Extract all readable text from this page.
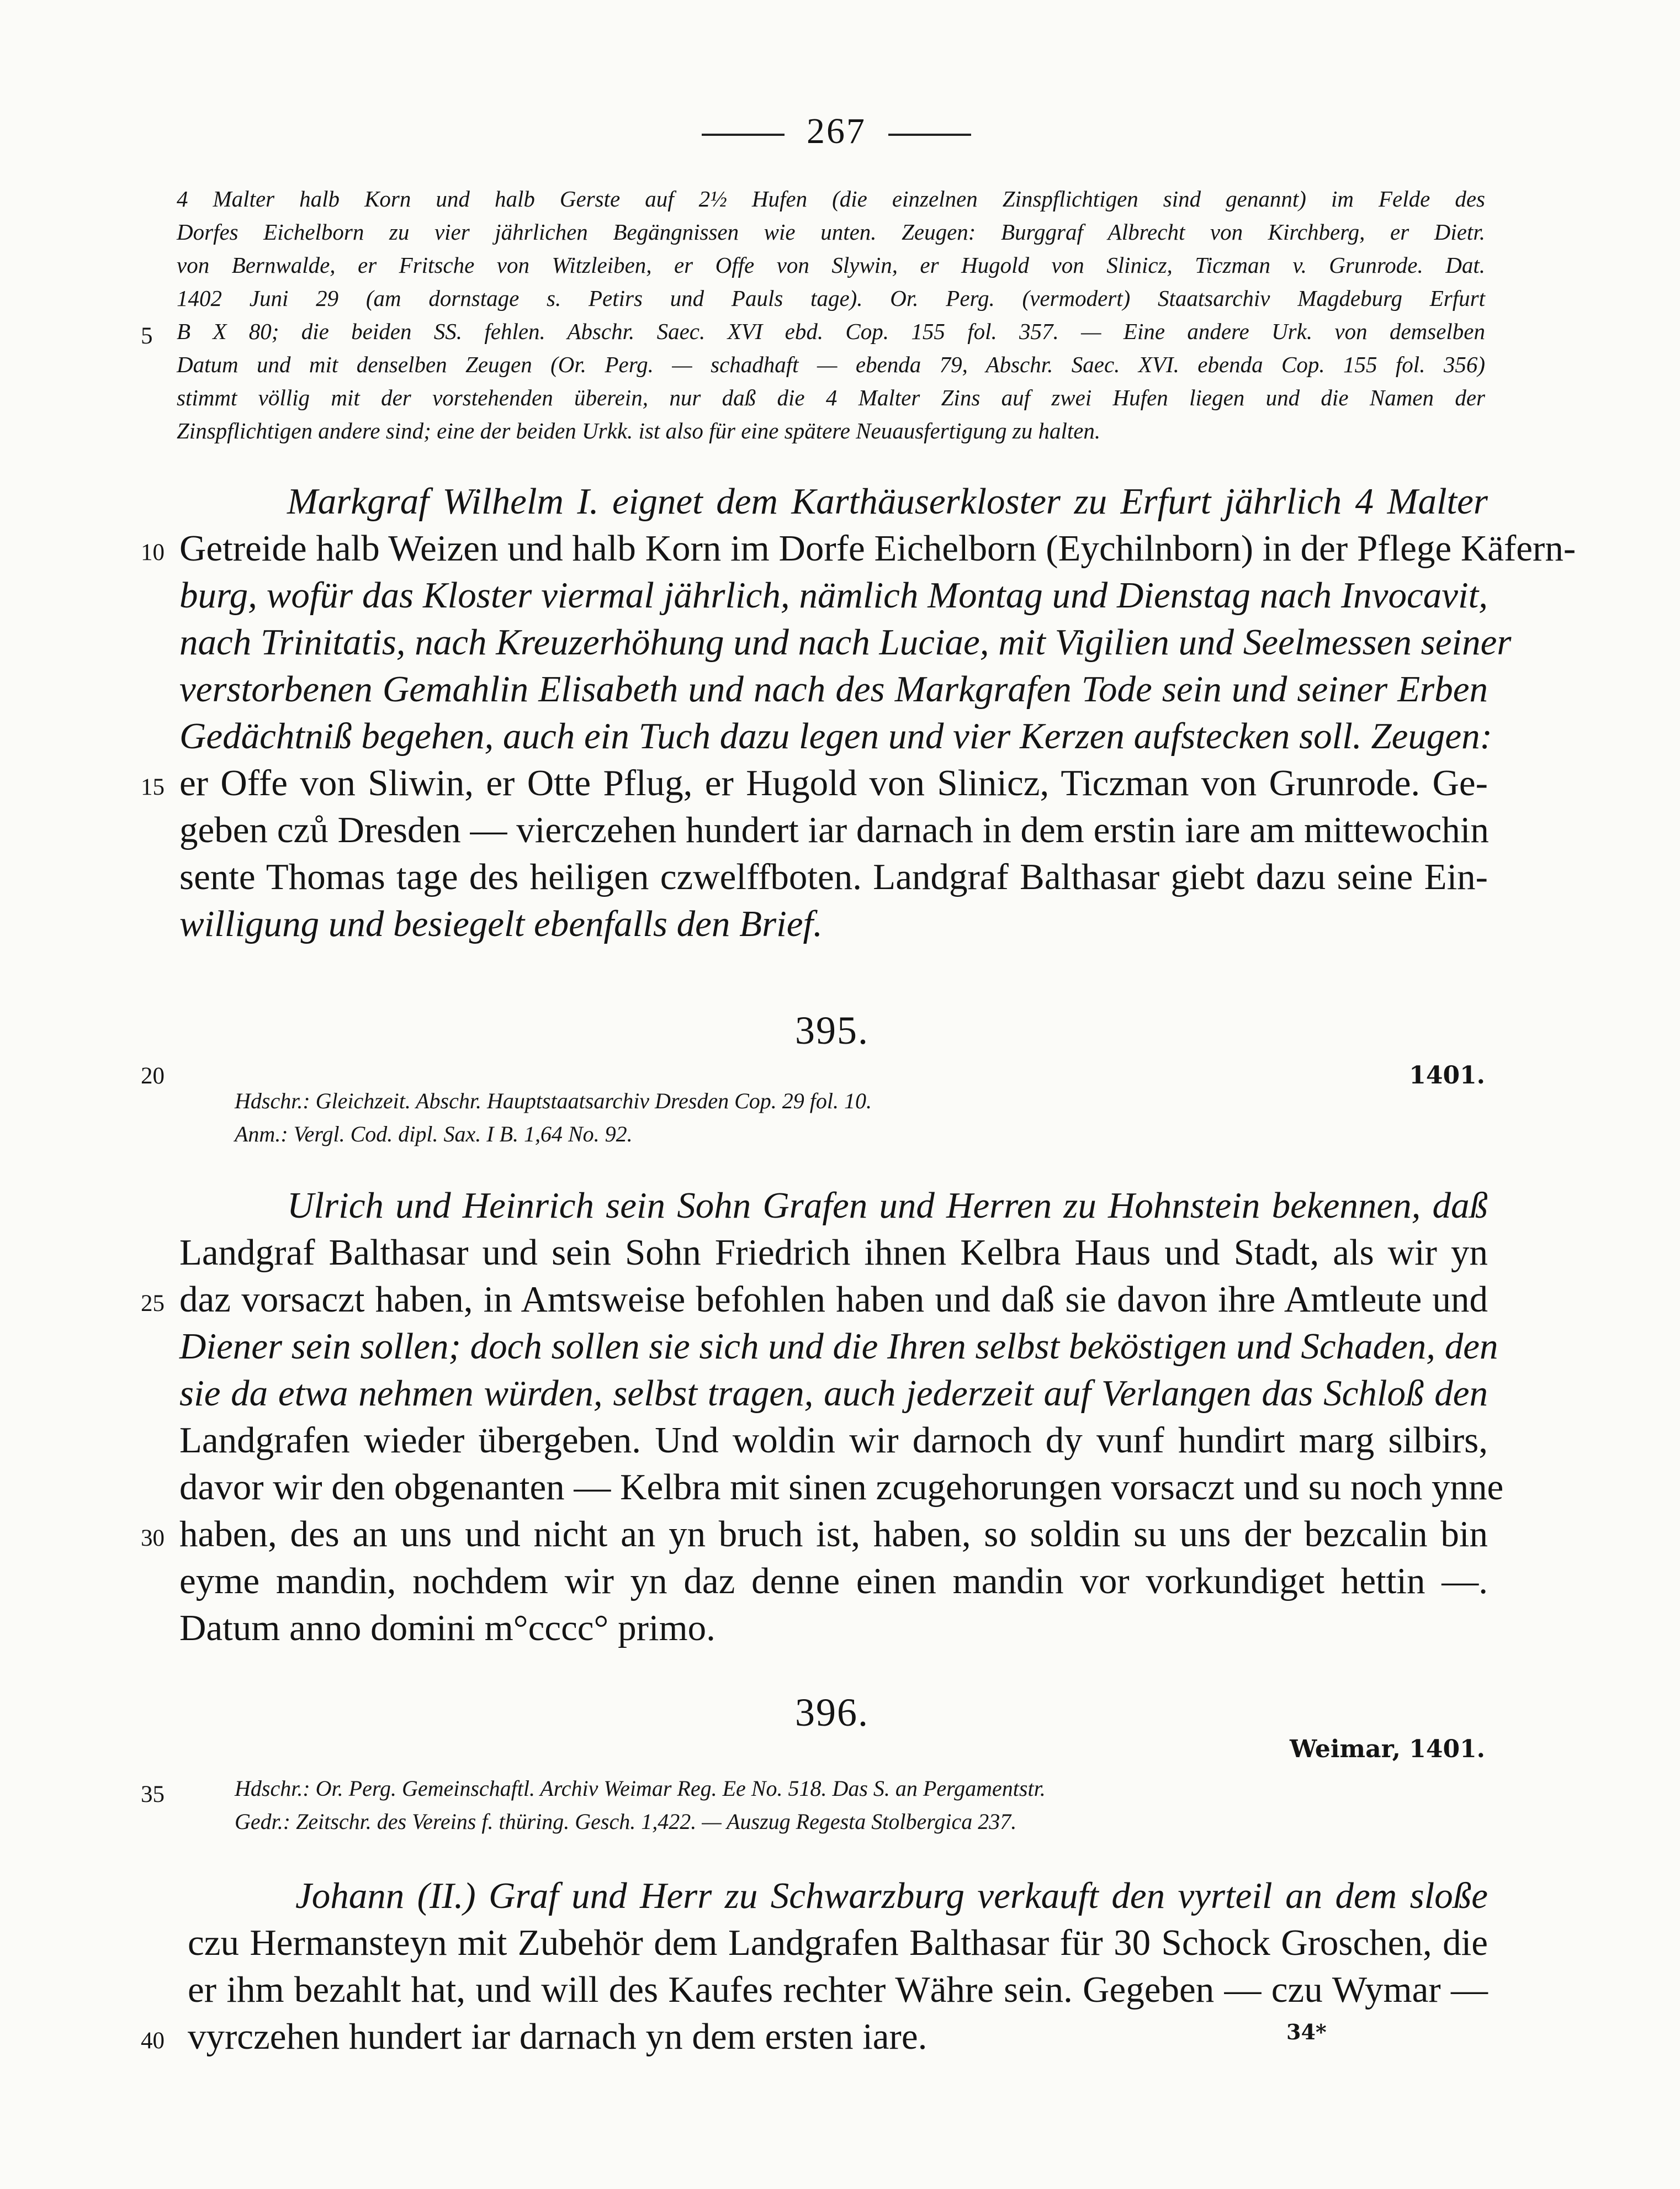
267
4 Malter halb Korn und halb Gerste auf 2½ Hufen (die einzelnen Zinspflichtigen sind genannt) im Felde des
Dorfes Eichelborn zu vier jährlichen Begängnissen wie unten. Zeugen: Burggraf Albrecht von Kirchberg, er Dietr.
von Bernwalde, er Fritsche von Witzleiben, er Offe von Slywin, er Hugold von Slinicz, Ticzman v. Grunrode. Dat.
1402 Juni 29 (am dornstage s. Petirs und Pauls tage). Or. Perg. (vermodert) Staatsarchiv Magdeburg Erfurt
B X 80; die beiden SS. fehlen. Abschr. Saec. XVI ebd. Cop. 155 fol. 357. — Eine andere Urk. von demselben
Datum und mit denselben Zeugen (Or. Perg. — schadhaft — ebenda 79, Abschr. Saec. XVI. ebenda Cop. 155 fol. 356)
stimmt völlig mit der vorstehenden überein, nur daß die 4 Malter Zins auf zwei Hufen liegen und die Namen der
Zinspflichtigen andere sind; eine der beiden Urkk. ist also für eine spätere Neuausfertigung zu halten.
Markgraf Wilhelm I. eignet dem Karthäuserkloster zu Erfurt jährlich 4 Malter
Getreide halb Weizen und halb Korn im Dorfe Eichelborn (Eychilnborn) in der Pflege Käfern-
burg, wofür das Kloster viermal jährlich, nämlich Montag und Dienstag nach Invocavit,
nach Trinitatis, nach Kreuzerhöhung und nach Luciae, mit Vigilien und Seelmessen seiner
verstorbenen Gemahlin Elisabeth und nach des Markgrafen Tode sein und seiner Erben
Gedächtniß begehen, auch ein Tuch dazu legen und vier Kerzen aufstecken soll. Zeugen:
er Offe von Sliwin, er Otte Pflug, er Hugold von Slinicz, Ticzman von Grunrode. Ge-
geben czů Dresden — vierczehen hundert iar darnach in dem erstin iare am mittewochin
sente Thomas tage des heiligen czwelffboten. Landgraf Balthasar giebt dazu seine Ein-
willigung und besiegelt ebenfalls den Brief.
395.
1401.
Hdschr.: Gleichzeit. Abschr. Hauptstaatsarchiv Dresden Cop. 29 fol. 10.
Anm.: Vergl. Cod. dipl. Sax. I B. 1,64 No. 92.
Ulrich und Heinrich sein Sohn Grafen und Herren zu Hohnstein bekennen, daß
Landgraf Balthasar und sein Sohn Friedrich ihnen Kelbra Haus und Stadt, als wir yn
daz vorsaczt haben, in Amtsweise befohlen haben und daß sie davon ihre Amtleute und
Diener sein sollen; doch sollen sie sich und die Ihren selbst beköstigen und Schaden, den
sie da etwa nehmen würden, selbst tragen, auch jederzeit auf Verlangen das Schloß den
Landgrafen wieder übergeben. Und woldin wir darnoch dy vunf hundirt marg silbirs,
davor wir den obgenanten — Kelbra mit sinen zcugehorungen vorsaczt und su noch ynne
haben, des an uns und nicht an yn bruch ist, haben, so soldin su uns der bezcalin bin
eyme mandin, nochdem wir yn daz denne einen mandin vor vorkundiget hettin —.
Datum anno domini m°cccc° primo.
396.
Weimar, 1401.
Hdschr.: Or. Perg. Gemeinschaftl. Archiv Weimar Reg. Ee No. 518. Das S. an Pergamentstr.
Gedr.: Zeitschr. des Vereins f. thüring. Gesch. 1,422. — Auszug Regesta Stolbergica 237.
Johann (II.) Graf und Herr zu Schwarzburg verkauft den vyrteil an dem sloße
czu Hermansteyn mit Zubehör dem Landgrafen Balthasar für 30 Schock Groschen, die
er ihm bezahlt hat, und will des Kaufes rechter Währe sein. Gegeben — czu Wymar —
vyrczehen hundert iar darnach yn dem ersten iare.
5
10
15
20
25
30
35
40	34*
